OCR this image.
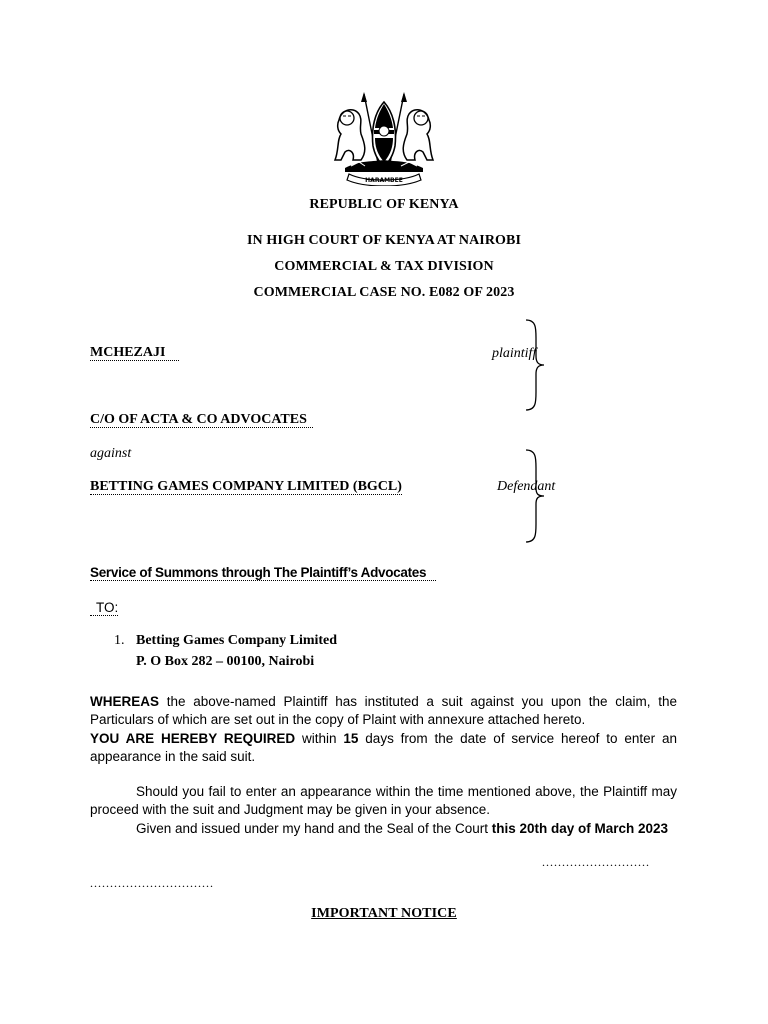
HARAMBEE
REPUBLIC OF KENYA
IN HIGH COURT OF KENYA AT NAIROBI
COMMERCIAL & TAX DIVISION
COMMERCIAL CASE NO. E082 OF 2023
MCHEZAJI	plaintiff
C/O OF ACTA & CO ADVOCATES
against
BETTING GAMES COMPANY LIMITED (BGCL)	Defendant
Service of Summons through The Plaintiff’s Advocates
TO:
1. Betting Games Company Limited
P. O Box 282 – 00100, Nairobi
WHEREAS the above-named Plaintiff has instituted a suit against you upon the claim, the Particulars of which are set out in the copy of Plaint with annexure attached hereto.
YOU ARE HEREBY REQUIRED within 15 days from the date of service hereof to enter an appearance in the said suit.
Should you fail to enter an appearance within the time mentioned above, the Plaintiff may proceed with the suit and Judgment may be given in your absence.
Given and issued under my hand and the Seal of the Court this 20th day of March 2023
...........................
...............................
IMPORTANT NOTICE
